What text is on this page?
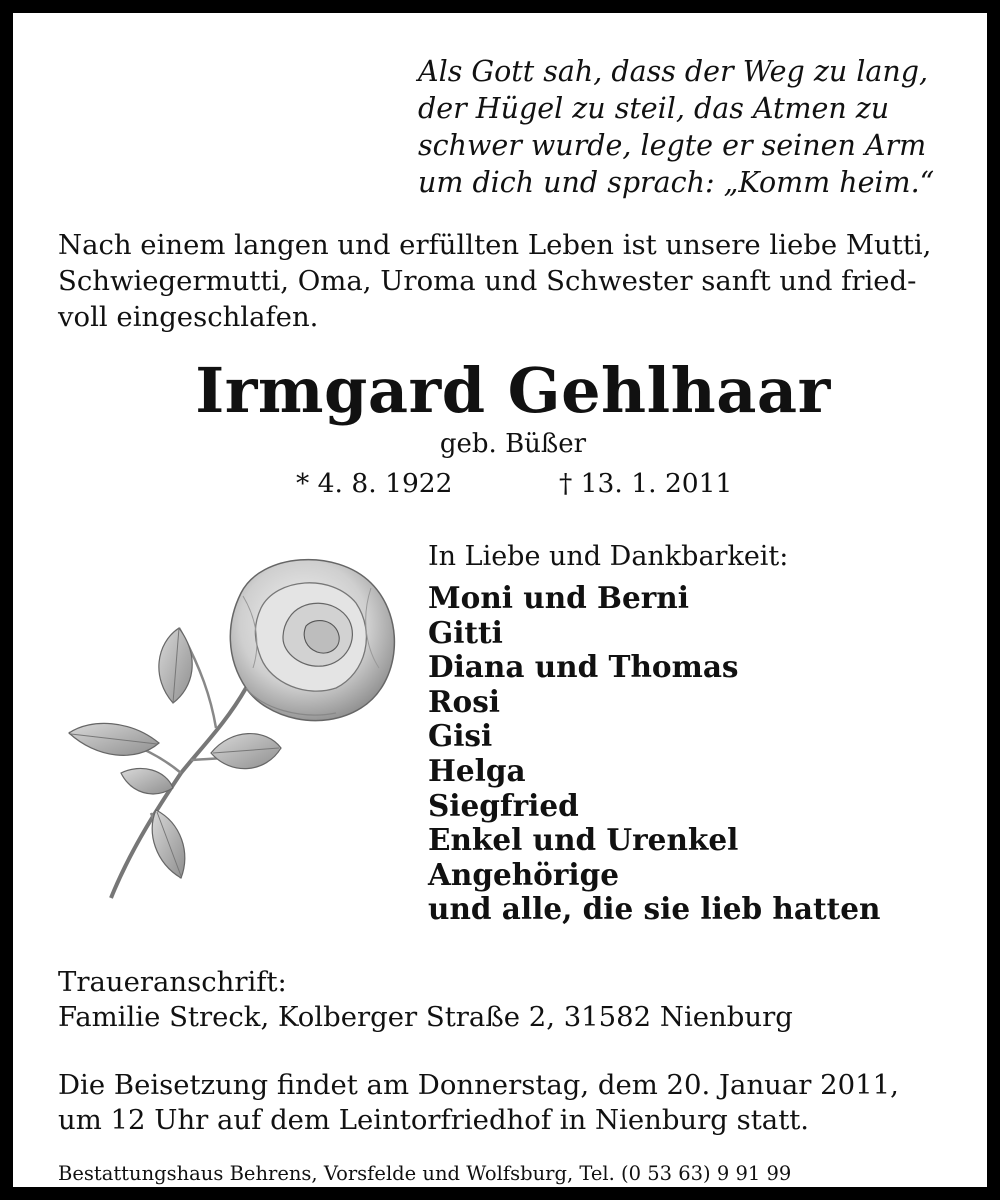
Als Gott sah, dass der Weg zu lang,
der Hügel zu steil, das Atmen zu
schwer wurde, legte er seinen Arm
um dich und sprach: „Komm heim.“
Nach einem langen und erfüllten Leben ist unsere liebe Mutti,
Schwiegermutti, Oma, Uroma und Schwester sanft und fried-
voll eingeschlafen.
Irmgard Gehlhaar
geb. Büßer
* 4. 8. 1922	† 13. 1. 2011
In Liebe und Dankbarkeit:
Moni und Berni
Gitti
Diana und Thomas
Rosi
Gisi
Helga
Siegfried
Enkel und Urenkel
Angehörige
und alle, die sie lieb hatten
Traueranschrift:
Familie Streck, Kolberger Straße 2, 31582 Nienburg
Die Beisetzung findet am Donnerstag, dem 20. Januar 2011,
um 12 Uhr auf dem Leintorfriedhof in Nienburg statt.
Bestattungshaus Behrens, Vorsfelde und Wolfsburg, Tel. (0 53 63) 9 91 99
